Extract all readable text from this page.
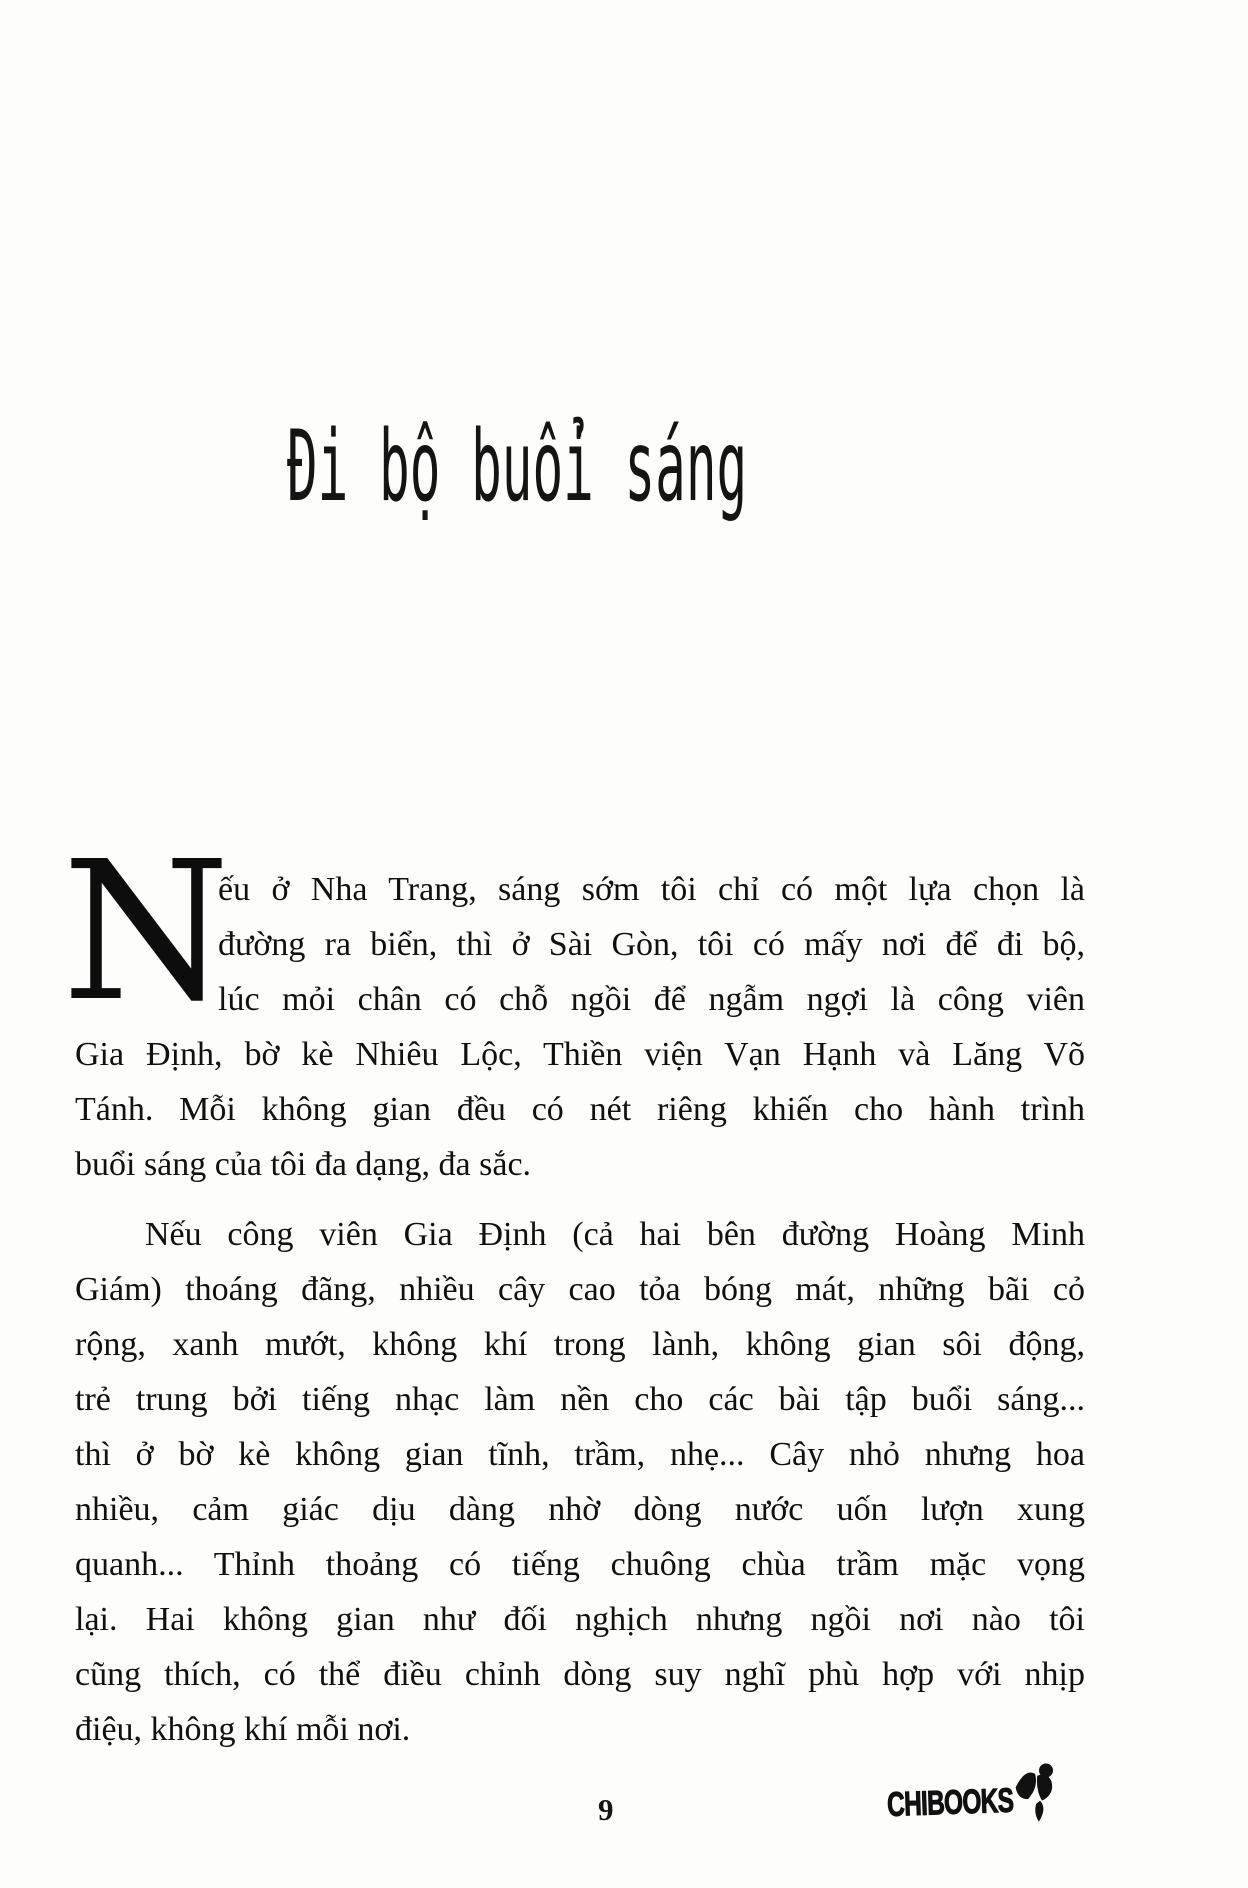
Đi bộ buổi sáng
N
ếu ở Nha Trang, sáng sớm tôi chỉ có một lựa chọn là
đường ra biển, thì ở Sài Gòn, tôi có mấy nơi để đi bộ,
lúc mỏi chân có chỗ ngồi để ngẫm ngợi là công viên
Gia Định, bờ kè Nhiêu Lộc, Thiền viện Vạn Hạnh và Lăng Võ
Tánh. Mỗi không gian đều có nét riêng khiến cho hành trình
buổi sáng của tôi đa dạng, đa sắc.
Nếu công viên Gia Định (cả hai bên đường Hoàng Minh
Giám) thoáng đãng, nhiều cây cao tỏa bóng mát, những bãi cỏ
rộng, xanh mướt, không khí trong lành, không gian sôi động,
trẻ trung bởi tiếng nhạc làm nền cho các bài tập buổi sáng...
thì ở bờ kè không gian tĩnh, trầm, nhẹ... Cây nhỏ nhưng hoa
nhiều, cảm giác dịu dàng nhờ dòng nước uốn lượn xung
quanh... Thỉnh thoảng có tiếng chuông chùa trầm mặc vọng
lại. Hai không gian như đối nghịch nhưng ngồi nơi nào tôi
cũng thích, có thể điều chỉnh dòng suy nghĩ phù hợp với nhịp
điệu, không khí mỗi nơi.
9	CHIBOOKS
